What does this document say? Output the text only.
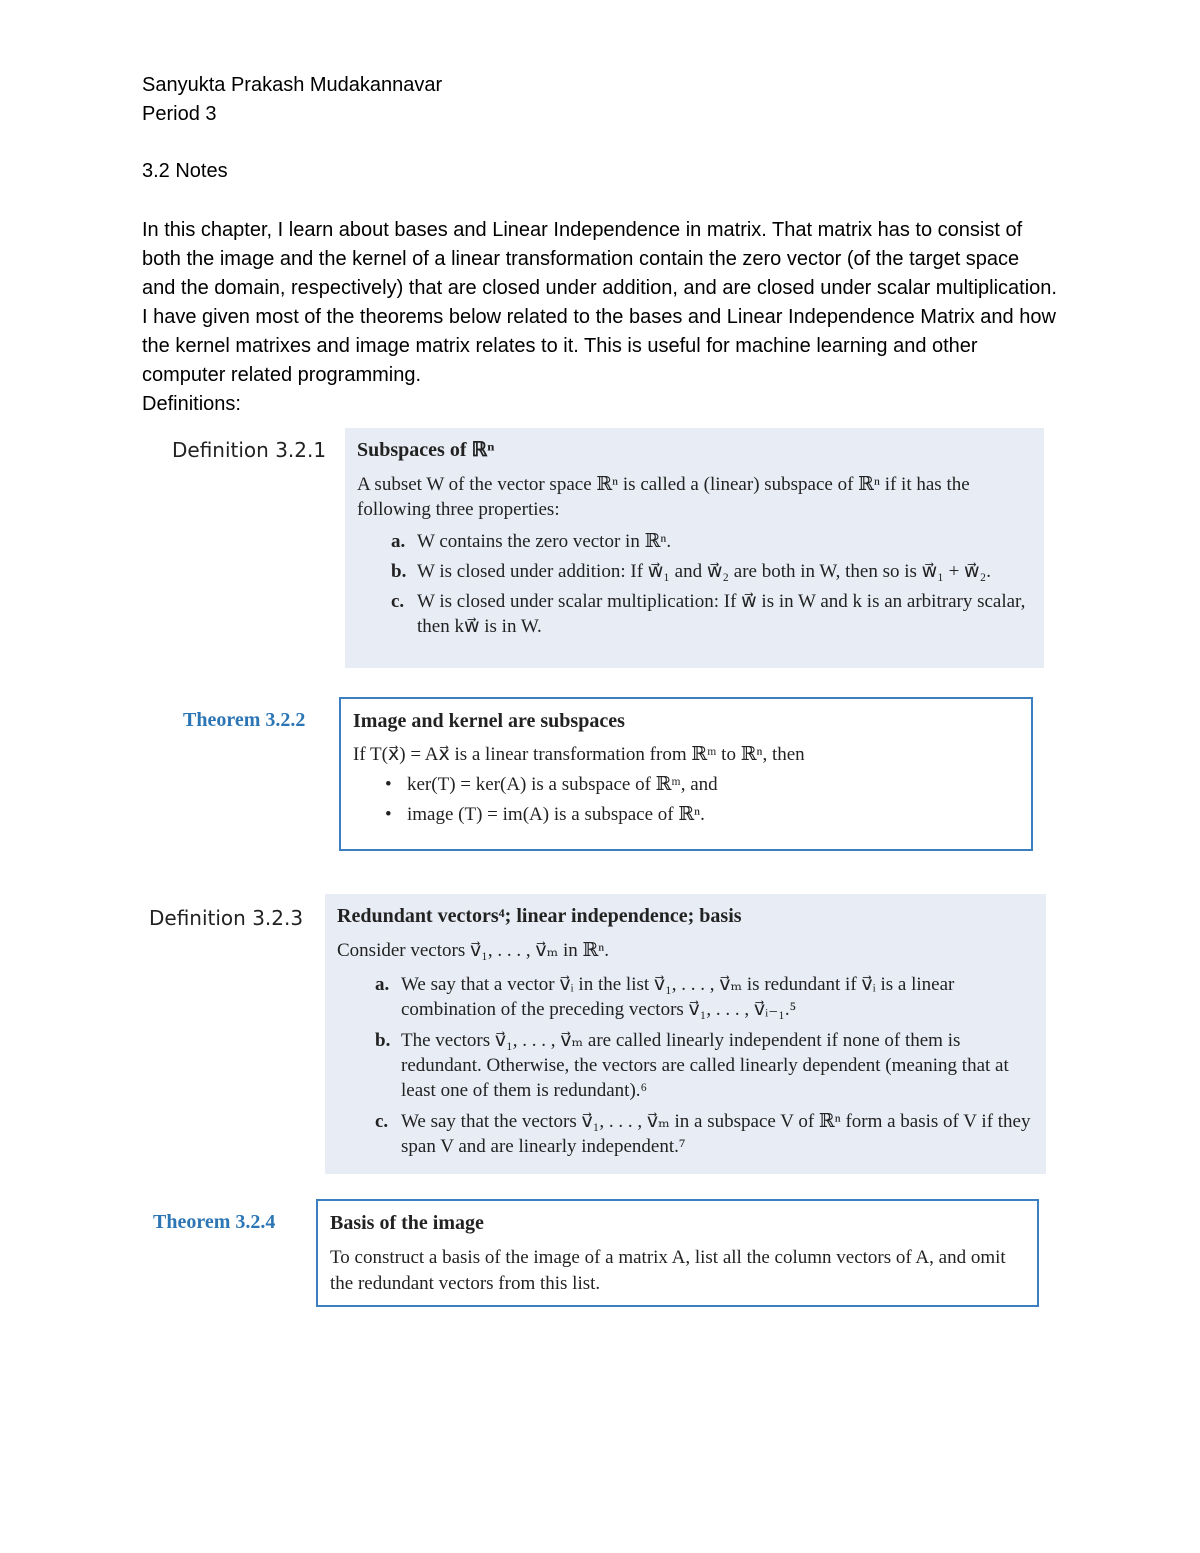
Sanyukta Prakash Mudakannavar
Period 3
3.2 Notes

In this chapter, I learn about bases and Linear Independence in matrix. That matrix has to consist of both the image and the kernel of a linear transformation contain the zero vector (of the target space and the domain, respectively) that are closed under addition, and are closed under scalar multiplication. I have given most of the theorems below related to the bases and Linear Independence Matrix and how the kernel matrixes and image matrix relates to it. This is useful for machine learning and other computer related programming.

Definitions:

Definition 3.2.1 Subspaces of ℝⁿ
A subset W of the vector space ℝⁿ is called a (linear) subspace of ℝⁿ if it has the following three properties:
a. W contains the zero vector in ℝⁿ.
b. W is closed under addition: If w⃗₁ and w⃗₂ are both in W, then so is w⃗₁ + w⃗₂.
c. W is closed under scalar multiplication: If w⃗ is in W and k is an arbitrary scalar, then kw⃗ is in W.
Theorem 3.2.2 Image and kernel are subspaces
If T(x⃗) = Ax⃗ is a linear transformation from ℝᵐ to ℝⁿ, then
• ker(T) = ker(A) is a subspace of ℝᵐ, and
• image (T) = im(A) is a subspace of ℝⁿ.
Definition 3.2.3 Redundant vectors⁴; linear independence; basis
Consider vectors v⃗₁, . . . , v⃗ₘ in ℝⁿ.
a. We say that a vector v⃗ᵢ in the list v⃗₁, . . . , v⃗ₘ is redundant if v⃗ᵢ is a linear combination of the preceding vectors v⃗₁, . . . , v⃗ᵢ₋₁.⁵
b. The vectors v⃗₁, . . . , v⃗ₘ are called linearly independent if none of them is redundant. Otherwise, the vectors are called linearly dependent (meaning that at least one of them is redundant).⁶
c. We say that the vectors v⃗₁, . . . , v⃗ₘ in a subspace V of ℝⁿ form a basis of V if they span V and are linearly independent.⁷
Theorem 3.2.4	Basis of the image
To construct a basis of the image of a matrix A, list all the column vectors of A, and omit the redundant vectors from this list.
